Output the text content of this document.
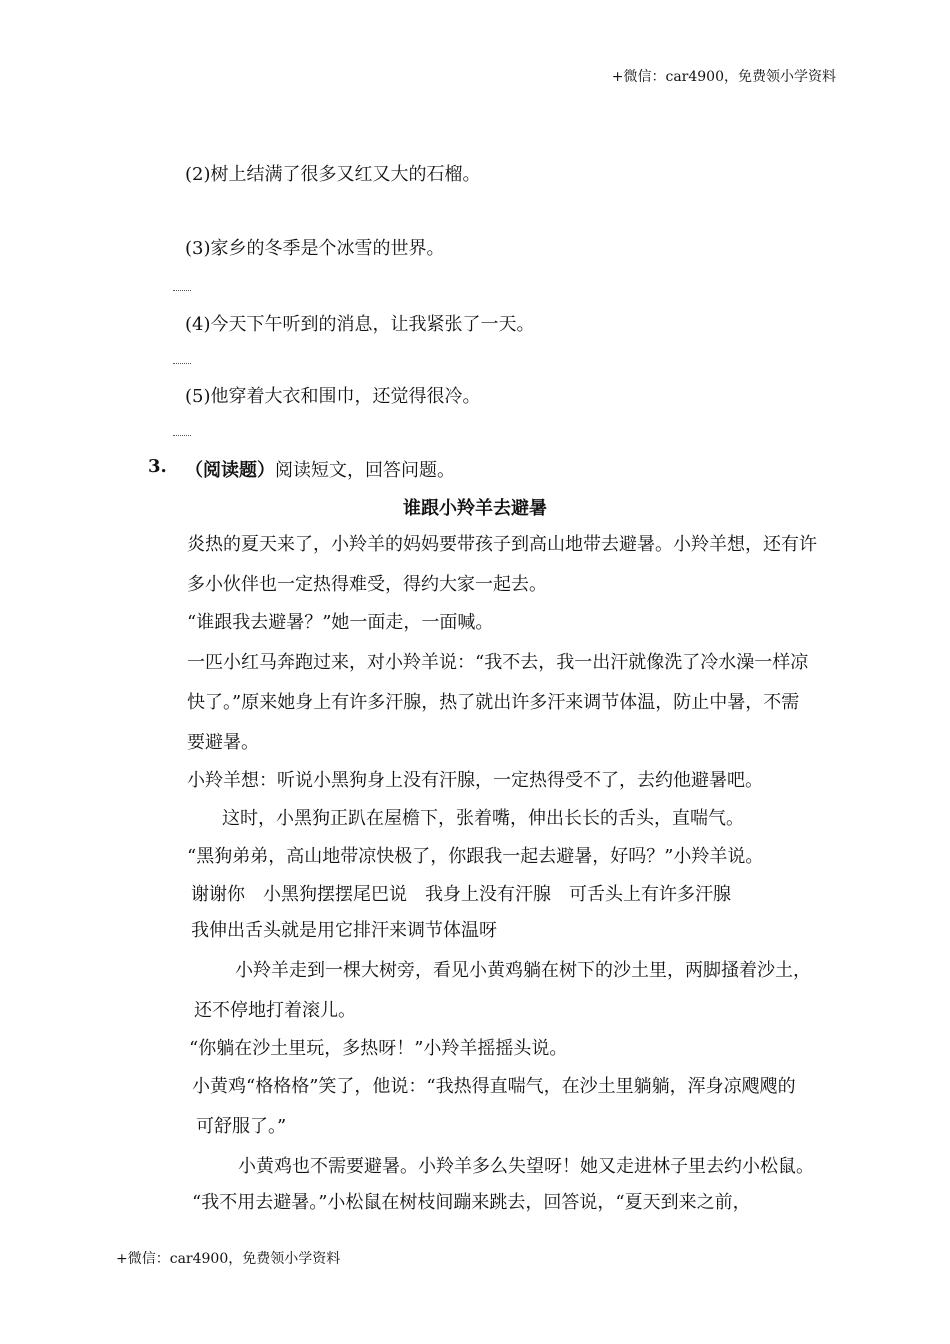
+微信：car4900，免费领小学资料
(2)树上结满了很多又红又大的石榴。
(3)家乡的冬季是个冰雪的世界。
(4)今天下午听到的消息，让我紧张了一天。
(5)他穿着大衣和围巾，还觉得很冷。
3. （阅读题）阅读短文，回答问题。
谁跟小羚羊去避暑
炎热的夏天来了，小羚羊的妈妈要带孩子到高山地带去避暑。小羚羊想，还有许
多小伙伴也一定热得难受，得约大家一起去。
“谁跟我去避暑？”她一面走，一面喊。
一匹小红马奔跑过来，对小羚羊说：“我不去，我一出汗就像洗了冷水澡一样凉
快了。”原来她身上有许多汗腺，热了就出许多汗来调节体温，防止中暑，不需
要避暑。
小羚羊想：听说小黑狗身上没有汗腺，一定热得受不了，去约他避暑吧。
这时，小黑狗正趴在屋檐下，张着嘴，伸出长长的舌头，直喘气。
“黑狗弟弟，高山地带凉快极了，你跟我一起去避暑，好吗？”小羚羊说。
谢谢你　小黑狗摆摆尾巴说　我身上没有汗腺　可舌头上有许多汗腺
我伸出舌头就是用它排汗来调节体温呀
小羚羊走到一棵大树旁，看见小黄鸡躺在树下的沙土里，两脚搔着沙土，
还不停地打着滚儿。
“你躺在沙土里玩，多热呀！”小羚羊摇摇头说。
小黄鸡“格格格”笑了，他说：“我热得直喘气，在沙土里躺躺，浑身凉飕飕的
可舒服了。”
小黄鸡也不需要避暑。小羚羊多么失望呀！她又走进林子里去约小松鼠。
“我不用去避暑。”小松鼠在树枝间蹦来跳去，回答说，“夏天到来之前，
+微信：car4900，免费领小学资料
